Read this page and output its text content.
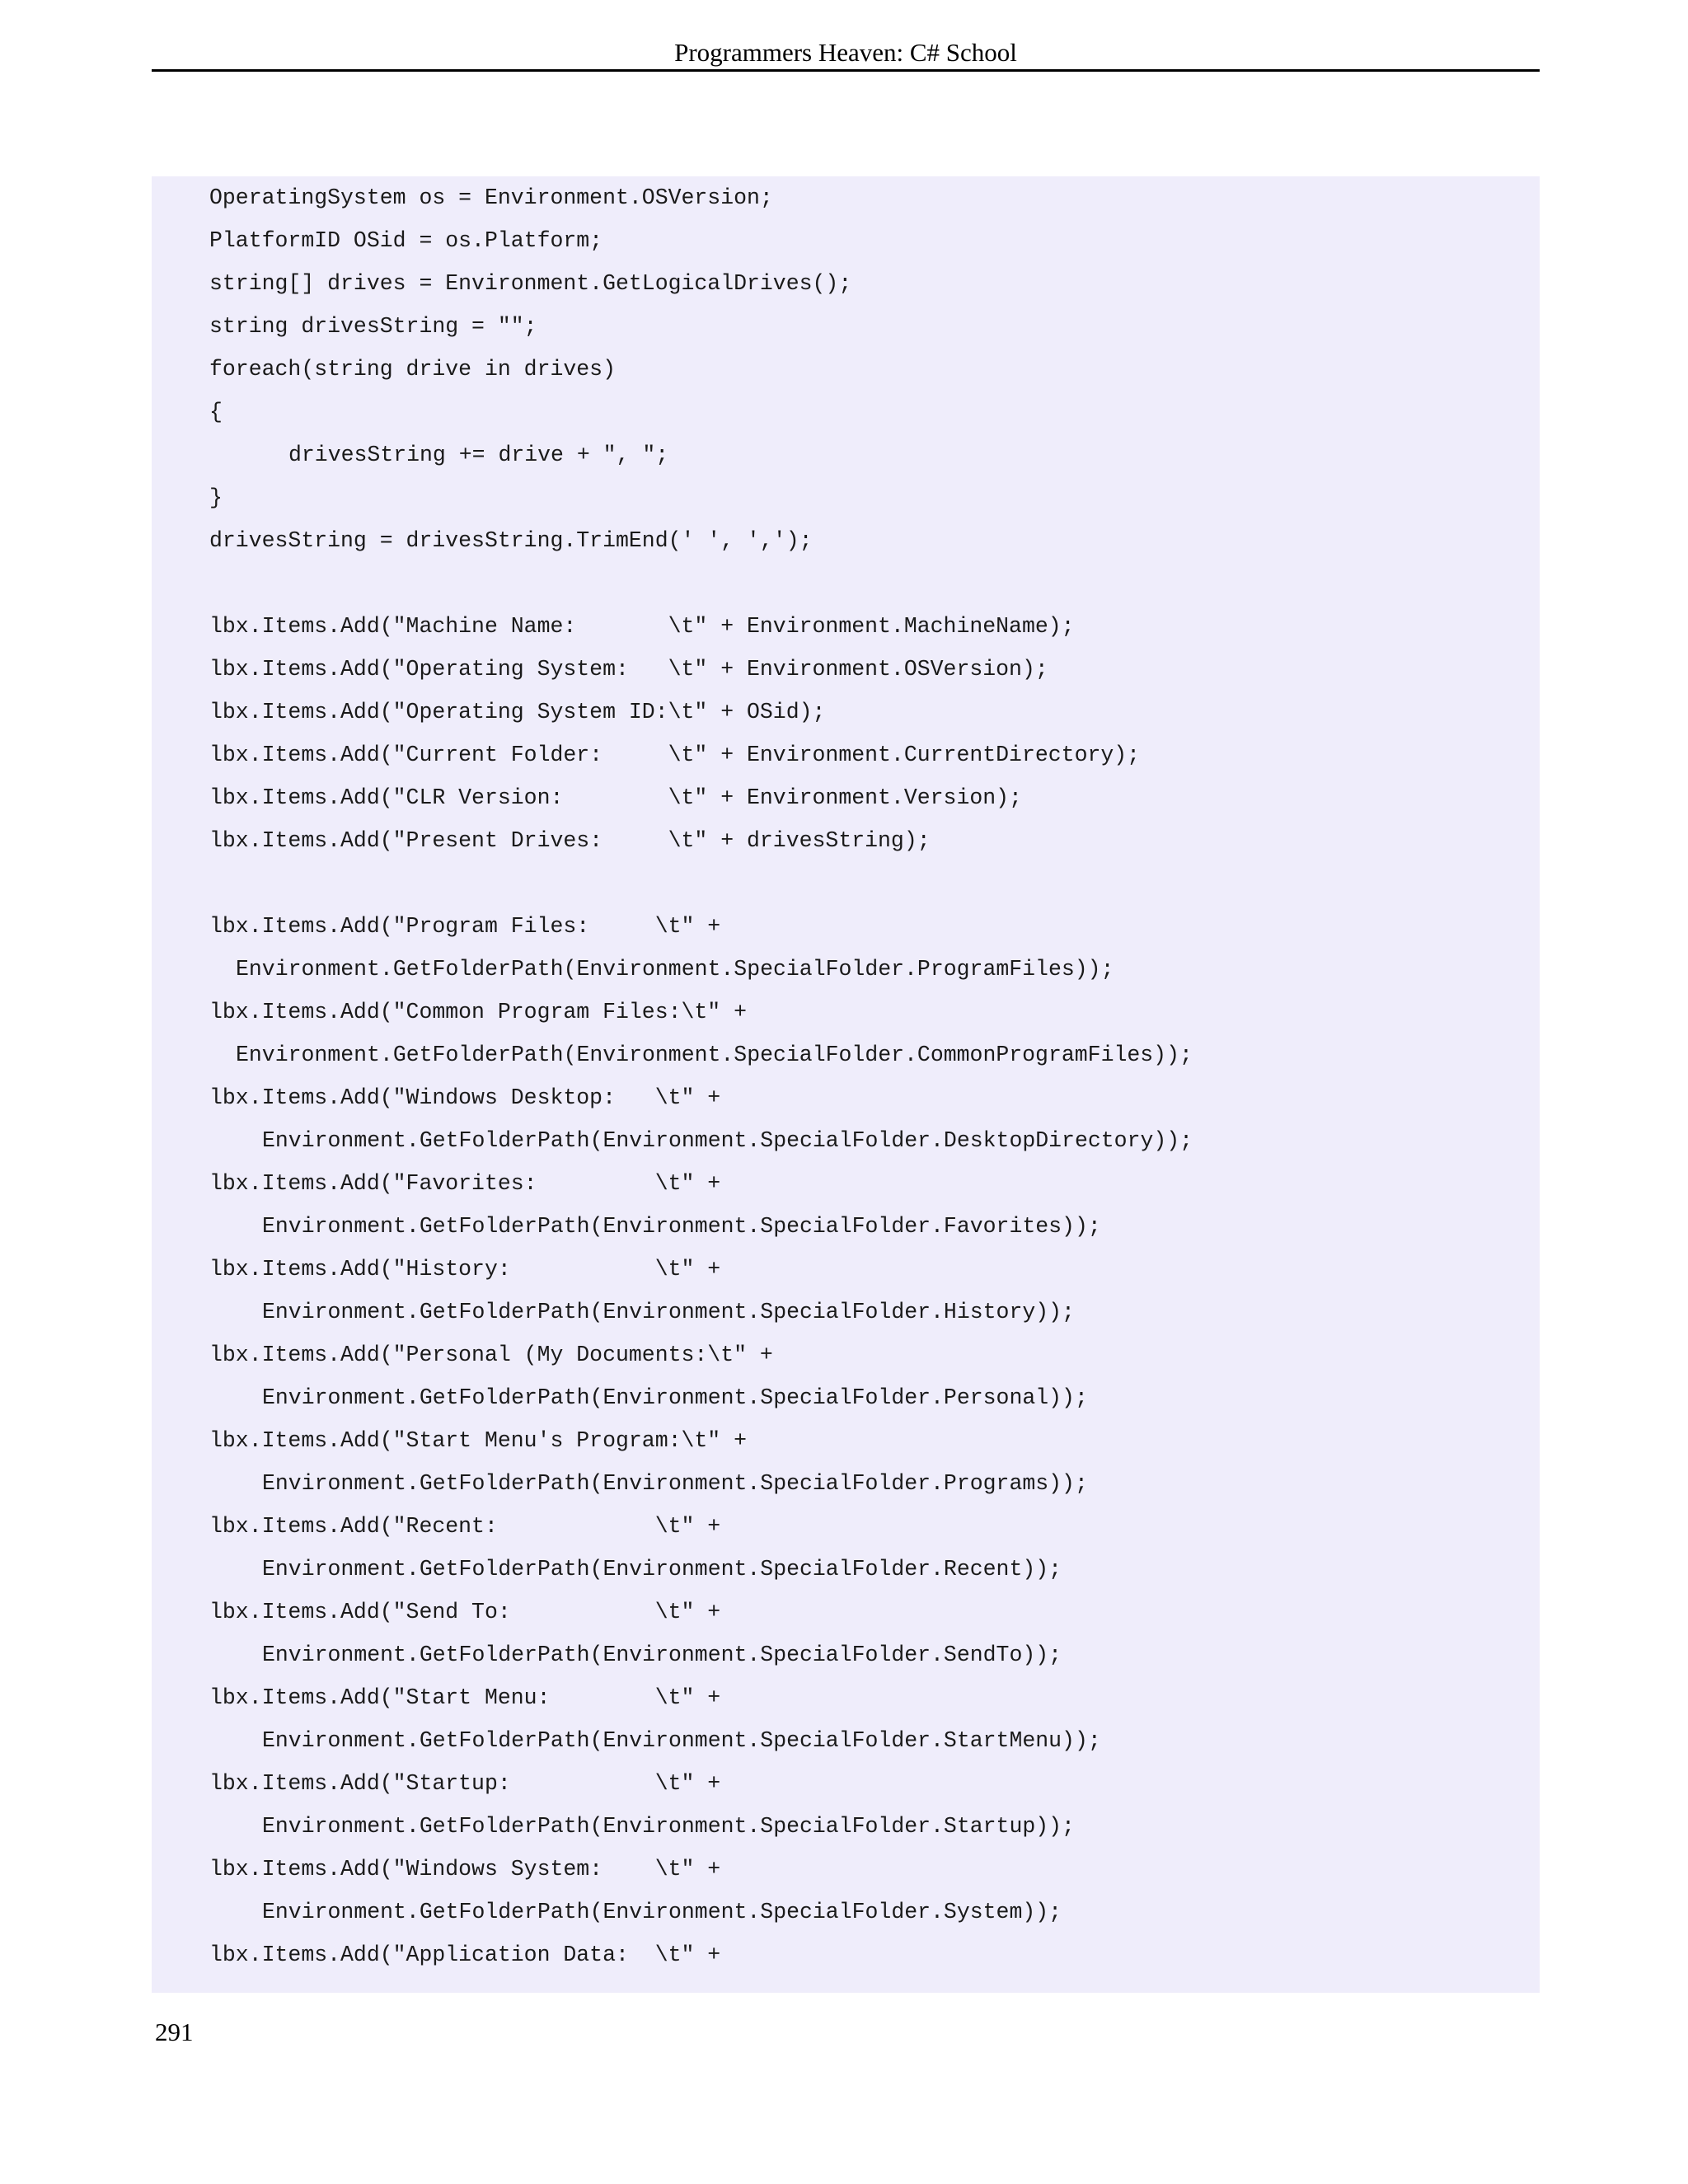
Programmers Heaven: C# School
OperatingSystem os = Environment.OSVersion;
PlatformID OSid = os.Platform;
string[] drives = Environment.GetLogicalDrives();
string drivesString = "";
foreach(string drive in drives)
{
drivesString += drive + ", ";
}
drivesString = drivesString.TrimEnd(' ', ',');
lbx.Items.Add("Machine Name:       \t" + Environment.MachineName);
lbx.Items.Add("Operating System:   \t" + Environment.OSVersion);
lbx.Items.Add("Operating System ID:\t" + OSid);
lbx.Items.Add("Current Folder:     \t" + Environment.CurrentDirectory);
lbx.Items.Add("CLR Version:        \t" + Environment.Version);
lbx.Items.Add("Present Drives:     \t" + drivesString);
lbx.Items.Add("Program Files:     \t" +
Environment.GetFolderPath(Environment.SpecialFolder.ProgramFiles));
lbx.Items.Add("Common Program Files:\t" +
Environment.GetFolderPath(Environment.SpecialFolder.CommonProgramFiles));
lbx.Items.Add("Windows Desktop:   \t" +
Environment.GetFolderPath(Environment.SpecialFolder.DesktopDirectory));
lbx.Items.Add("Favorites:         \t" +
Environment.GetFolderPath(Environment.SpecialFolder.Favorites));
lbx.Items.Add("History:           \t" +
Environment.GetFolderPath(Environment.SpecialFolder.History));
lbx.Items.Add("Personal (My Documents:\t" +
Environment.GetFolderPath(Environment.SpecialFolder.Personal));
lbx.Items.Add("Start Menu's Program:\t" +
Environment.GetFolderPath(Environment.SpecialFolder.Programs));
lbx.Items.Add("Recent:            \t" +
Environment.GetFolderPath(Environment.SpecialFolder.Recent));
lbx.Items.Add("Send To:           \t" +
Environment.GetFolderPath(Environment.SpecialFolder.SendTo));
lbx.Items.Add("Start Menu:        \t" +
Environment.GetFolderPath(Environment.SpecialFolder.StartMenu));
lbx.Items.Add("Startup:           \t" +
Environment.GetFolderPath(Environment.SpecialFolder.Startup));
lbx.Items.Add("Windows System:    \t" +
Environment.GetFolderPath(Environment.SpecialFolder.System));
lbx.Items.Add("Application Data:  \t" +
291
